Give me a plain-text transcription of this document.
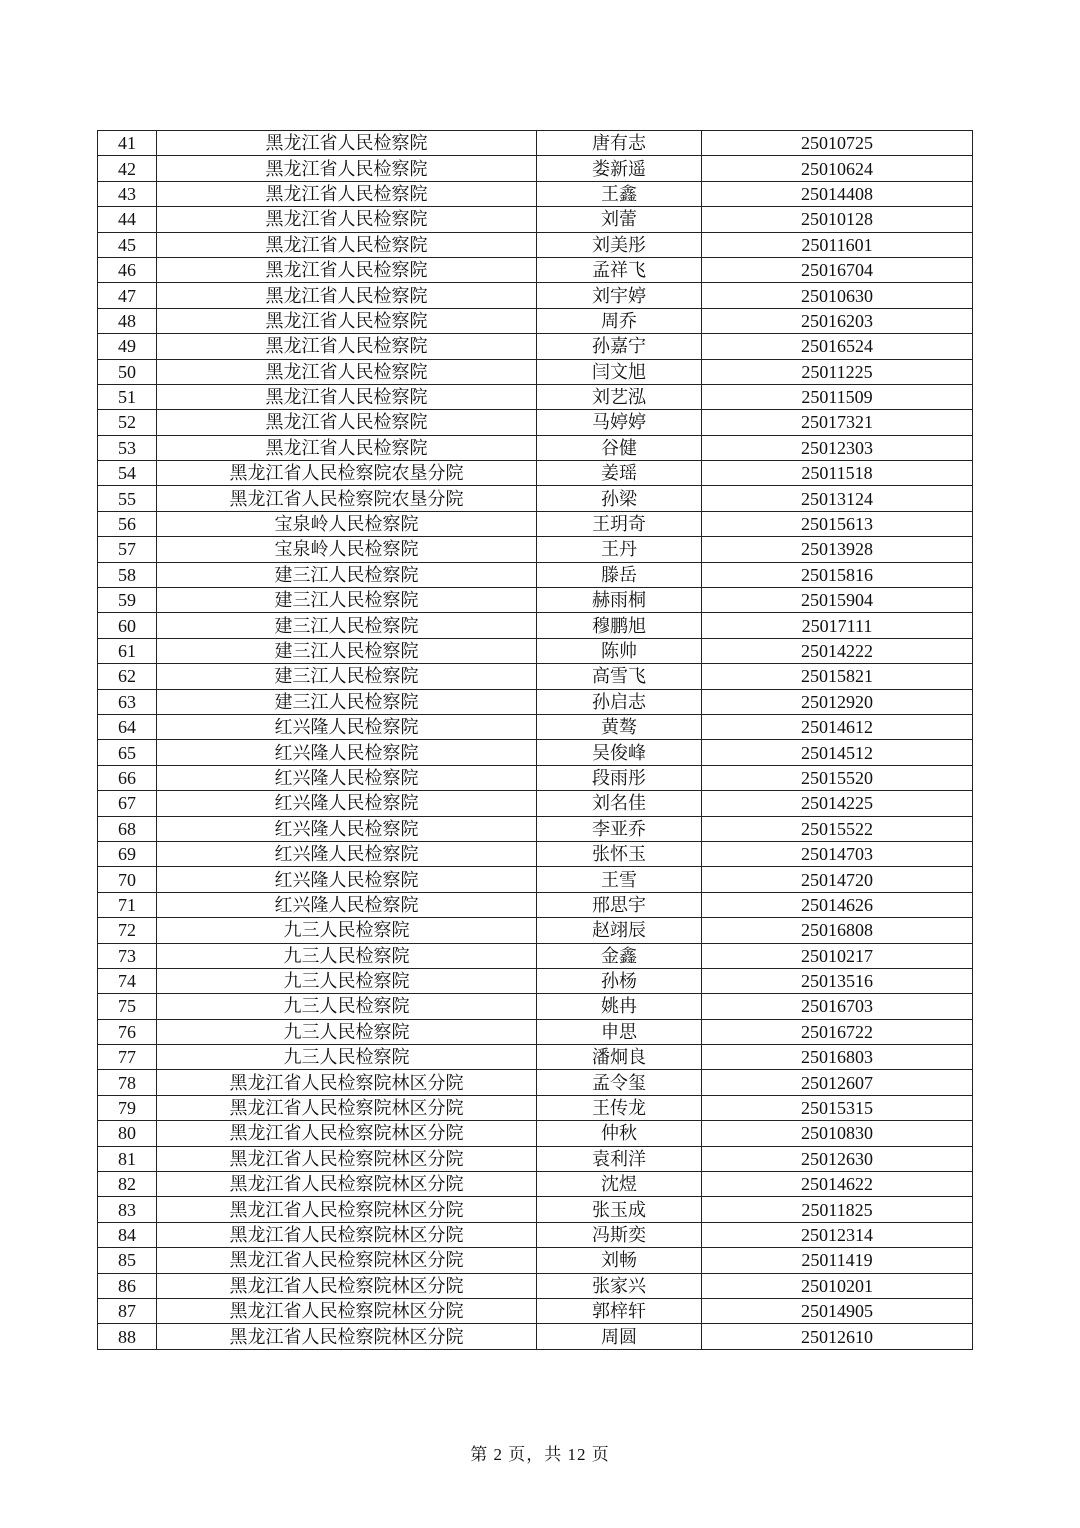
41	黑龙江省人民检察院	唐有志	25010725
42	黑龙江省人民检察院	娄新遥	25010624
43	黑龙江省人民检察院	王鑫	25014408
44	黑龙江省人民检察院	刘蕾	25010128
45	黑龙江省人民检察院	刘美彤	25011601
46	黑龙江省人民检察院	孟祥飞	25016704
47	黑龙江省人民检察院	刘宇婷	25010630
48	黑龙江省人民检察院	周乔	25016203
49	黑龙江省人民检察院	孙嘉宁	25016524
50	黑龙江省人民检察院	闫文旭	25011225
51	黑龙江省人民检察院	刘艺泓	25011509
52	黑龙江省人民检察院	马婷婷	25017321
53	黑龙江省人民检察院	谷健	25012303
54	黑龙江省人民检察院农垦分院	姜瑶	25011518
55	黑龙江省人民检察院农垦分院	孙梁	25013124
56	宝泉岭人民检察院	王玥奇	25015613
57	宝泉岭人民检察院	王丹	25013928
58	建三江人民检察院	滕岳	25015816
59	建三江人民检察院	赫雨桐	25015904
60	建三江人民检察院	穆鹏旭	25017111
61	建三江人民检察院	陈帅	25014222
62	建三江人民检察院	高雪飞	25015821
63	建三江人民检察院	孙启志	25012920
64	红兴隆人民检察院	黄骜	25014612
65	红兴隆人民检察院	吴俊峰	25014512
66	红兴隆人民检察院	段雨彤	25015520
67	红兴隆人民检察院	刘名佳	25014225
68	红兴隆人民检察院	李亚乔	25015522
69	红兴隆人民检察院	张怀玉	25014703
70	红兴隆人民检察院	王雪	25014720
71	红兴隆人民检察院	邢思宇	25014626
72	九三人民检察院	赵翊辰	25016808
73	九三人民检察院	金鑫	25010217
74	九三人民检察院	孙杨	25013516
75	九三人民检察院	姚冉	25016703
76	九三人民检察院	申思	25016722
77	九三人民检察院	潘炯良	25016803
78	黑龙江省人民检察院林区分院	孟令玺	25012607
79	黑龙江省人民检察院林区分院	王传龙	25015315
80	黑龙江省人民检察院林区分院	仲秋	25010830
81	黑龙江省人民检察院林区分院	袁利洋	25012630
82	黑龙江省人民检察院林区分院	沈煜	25014622
83	黑龙江省人民检察院林区分院	张玉成	25011825
84	黑龙江省人民检察院林区分院	冯斯奕	25012314
85	黑龙江省人民检察院林区分院	刘畅	25011419
86	黑龙江省人民检察院林区分院	张家兴	25010201
87	黑龙江省人民检察院林区分院	郭梓轩	25014905
88	黑龙江省人民检察院林区分院	周圆	25012610
第 2 页，共 12 页
